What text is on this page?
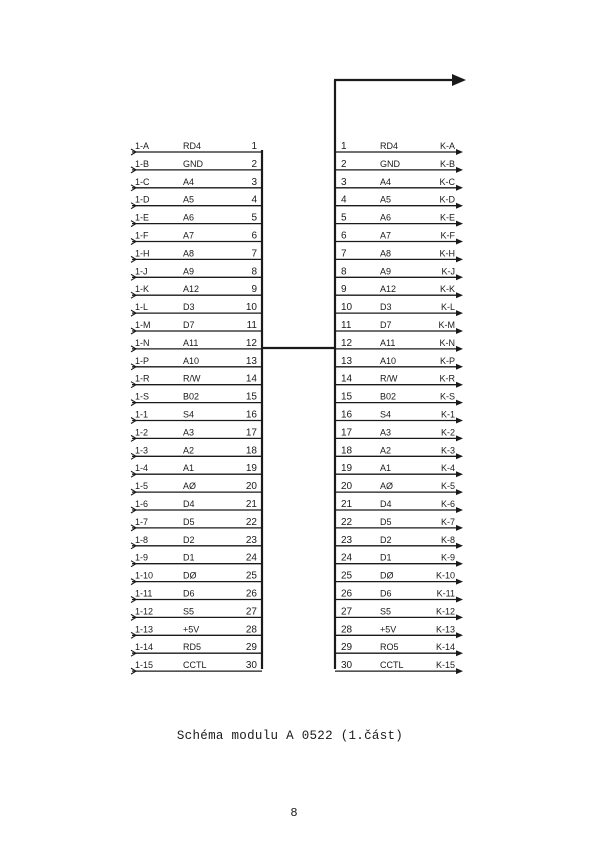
1-A	RD4	1
1-B	GND	2
1-C	A4	3
1-D	A5	4
1-E	A6	5
1-F	A7	6
1-H	A8	7
1-J	A9	8
1-K	A12	9
1-L	D3	10
1-M	D7	11
1-N	A11	12
1-P	A10	13
1-R	R/W	14
1-S	B02	15
1-1	S4	16
1-2	A3	17
1-3	A2	18
1-4	A1	19
1-5	AØ	20
1-6	D4	21
1-7	D5	22
1-8	D2	23
1-9	D1	24
1-10	DØ	25
1-11	D6	26
1-12	S5	27
1-13	+5V	28
1-14	RD5	29
1-15	CCTL	30
1	RD4	K-A
2	GND	K-B
3	A4	K-C
4	A5	K-D
5	A6	K-E
6	A7	K-F
7	A8	K-H
8	A9	K-J
9	A12	K-K
10	D3	K-L
11	D7	K-M
12	A11	K-N
13	A10	K-P
14	R/W	K-R
15	B02	K-S
16	S4	K-1
17	A3	K-2
18	A2	K-3
19	A1	K-4
20	AØ	K-5
21	D4	K-6
22	D5	K-7
23	D2	K-8
24	D1	K-9
25	DØ	K-10
26	D6	K-11
27	S5	K-12
28	+5V	K-13
29	RO5	K-14
30	CCTL	K-15
Schéma modulu A 0522 (1.část)
8
